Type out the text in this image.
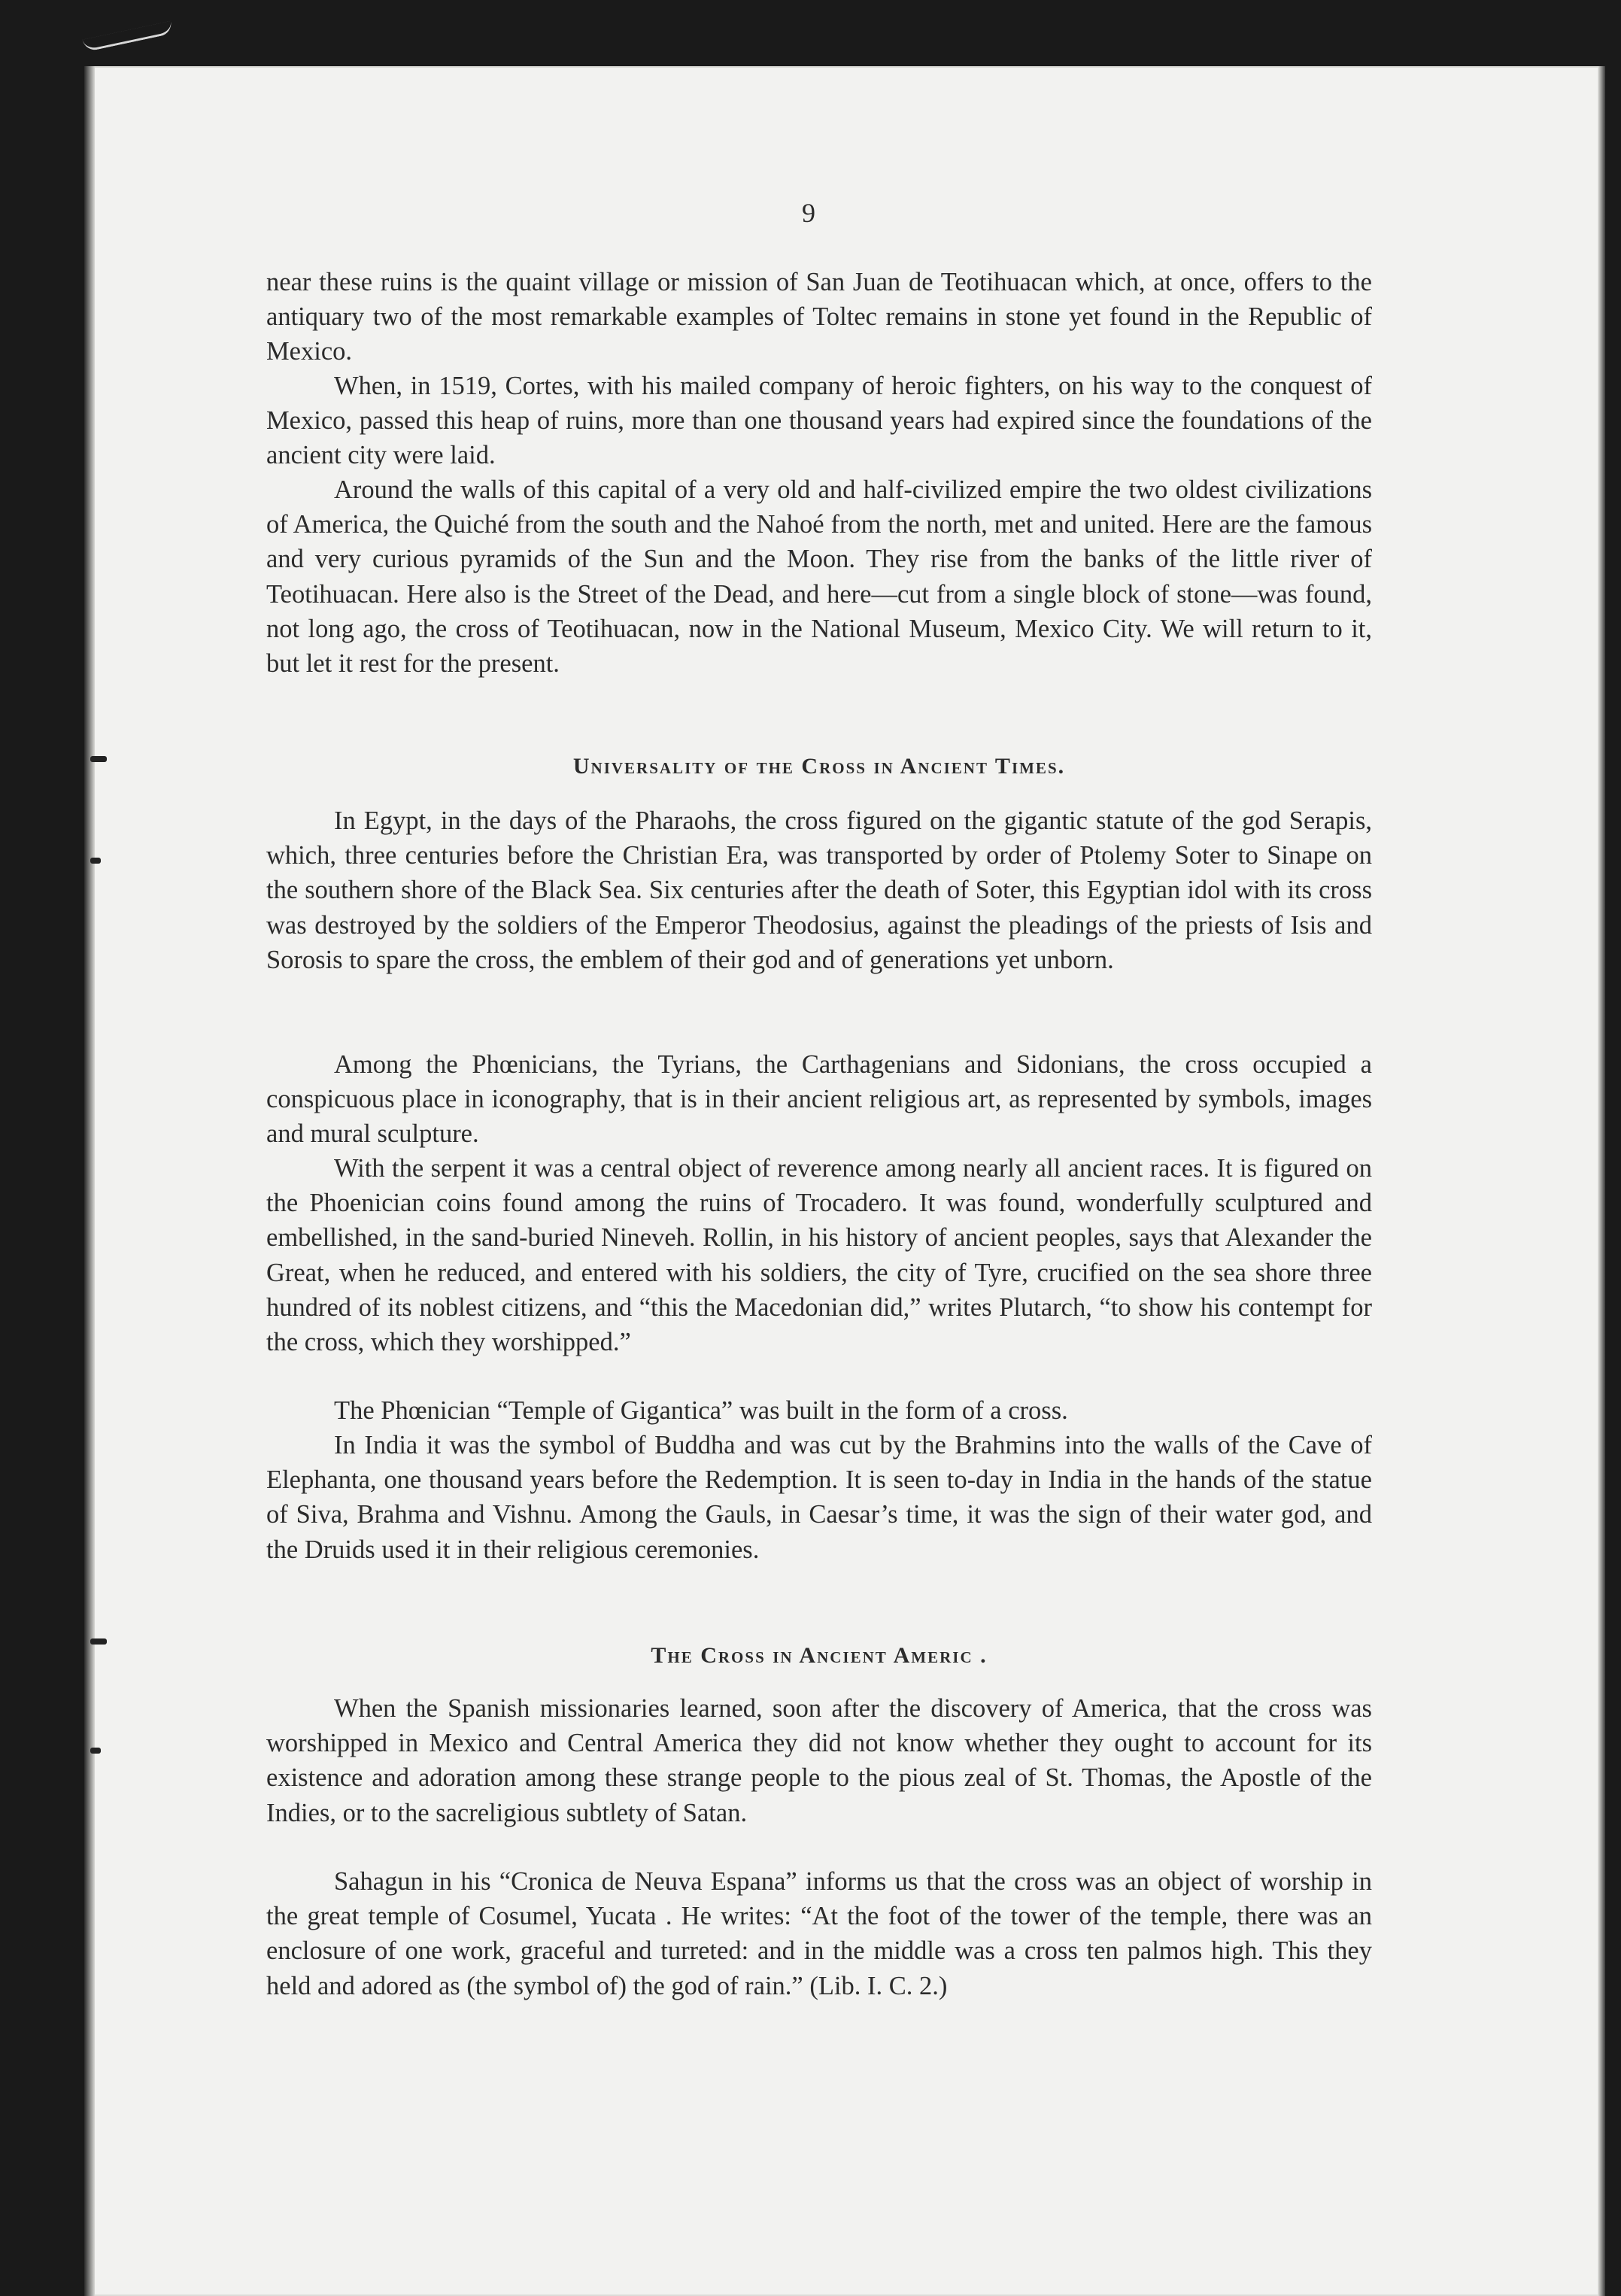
9

near these ruins is the quaint village or mission of San Juan de Teotihuacan which, at once, offers to the antiquary two of the most remarkable examples of Toltec remains in stone yet found in the Republic of Mexico.

When, in 1519, Cortes, with his mailed company of heroic fighters, on his way to the conquest of Mexico, passed this heap of ruins, more than one thousand years had expired since the foundations of the ancient city were laid.

Around the walls of this capital of a very old and half-civilized empire the two oldest civilizations of America, the Quiché from the south and the Nahoé from the north, met and united. Here are the famous and very curious pyramids of the Sun and the Moon. They rise from the banks of the little river of Teotihuacan. Here also is the Street of the Dead, and here—cut from a single block of stone—was found, not long ago, the cross of Teotihuacan, now in the National Museum, Mexico City. We will return to it, but let it rest for the present.

Universality of the Cross in Ancient Times.

In Egypt, in the days of the Pharaohs, the cross figured on the gigantic statute of the god Serapis, which, three centuries before the Christian Era, was transported by order of Ptolemy Soter to Sinape on the southern shore of the Black Sea. Six centuries after the death of Soter, this Egyptian idol with its cross was destroyed by the soldiers of the Emperor Theodosius, against the pleadings of the priests of Isis and Sorosis to spare the cross, the emblem of their god and of generations yet unborn.

Among the Phœnicians, the Tyrians, the Carthagenians and Sidonians, the cross occupied a conspicuous place in iconography, that is in their ancient religious art, as represented by symbols, images and mural sculpture.

With the serpent it was a central object of reverence among nearly all ancient races. It is figured on the Phoenician coins found among the ruins of Trocadero. It was found, wonderfully sculptured and embellished, in the sand-buried Nineveh. Rollin, in his history of ancient peoples, says that Alexander the Great, when he reduced, and entered with his soldiers, the city of Tyre, crucified on the sea shore three hundred of its noblest citizens, and “this the Macedonian did,” writes Plutarch, “to show his contempt for the cross, which they worshipped.”

The Phœnician “Temple of Gigantica” was built in the form of a cross.

In India it was the symbol of Buddha and was cut by the Brahmins into the walls of the Cave of Elephanta, one thousand years before the Redemption. It is seen to-day in India in the hands of the statue of Siva, Brahma and Vishnu. Among the Gauls, in Caesar’s time, it was the sign of their water god, and the Druids used it in their religious ceremonies.

The Cross in Ancient Americ .

When the Spanish missionaries learned, soon after the discovery of America, that the cross was worshipped in Mexico and Central America they did not know whether they ought to account for its existence and adoration among these strange people to the pious zeal of St. Thomas, the Apostle of the Indies, or to the sacreligious subtlety of Satan.

Sahagun in his “Cronica de Neuva Espana” informs us that the cross was an object of worship in the great temple of Cosumel, Yucata . He writes: “At the foot of the tower of the temple, there was an enclosure of one work, graceful and turreted: and in the middle was a cross ten palmos high. This they held and adored as (the symbol of) the god of rain.” (Lib. I. C. 2.)
